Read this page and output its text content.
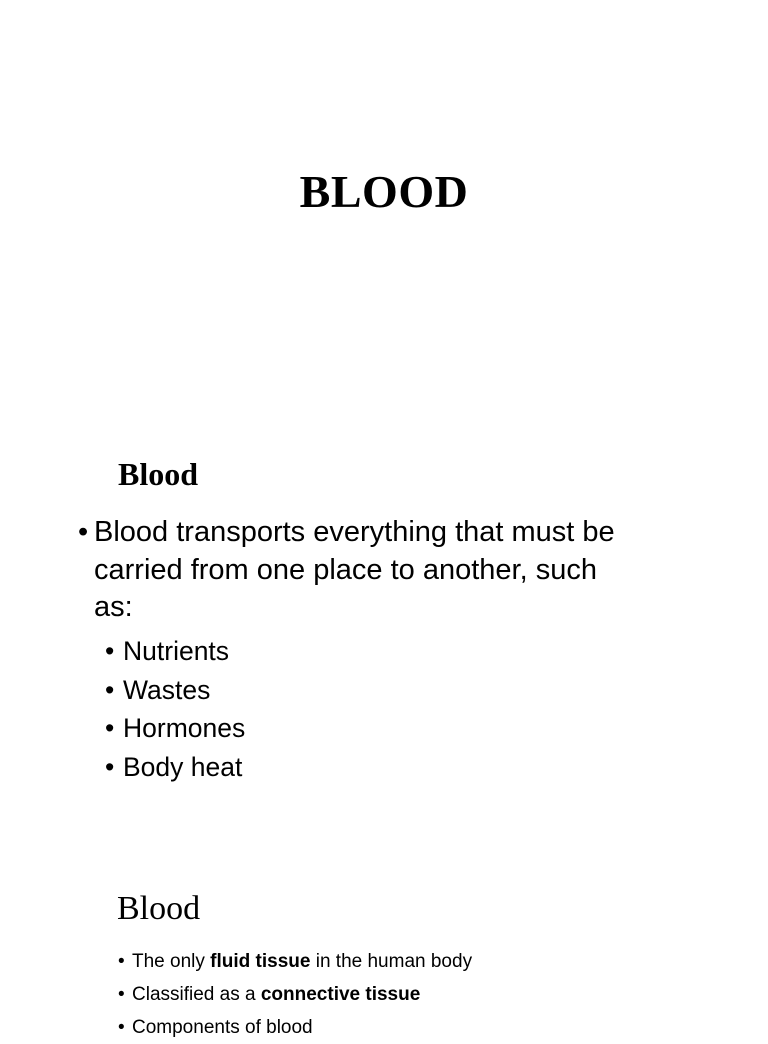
BLOOD
Blood
• Blood transports everything that must be carried from one place to another, such as:
• Nutrients
• Wastes
• Hormones
• Body heat
Blood
• The only fluid tissue in the human body
• Classified as a connective tissue
• Components of blood
